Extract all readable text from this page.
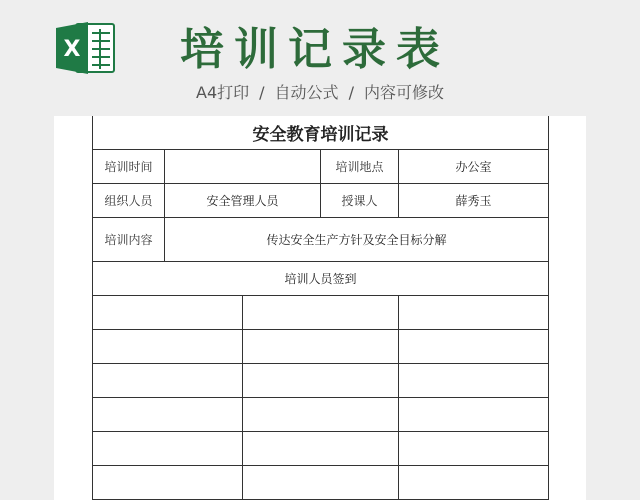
X 培训记录表
A4打印 / 自动公式 / 内容可修改
安全教育培训记录				
培训时间			培训地点	办公室
组织人员	安全管理人员		授课人	薛秀玉
培训内容	传达安全生产方针及安全目标分解			
培训人员签到				
